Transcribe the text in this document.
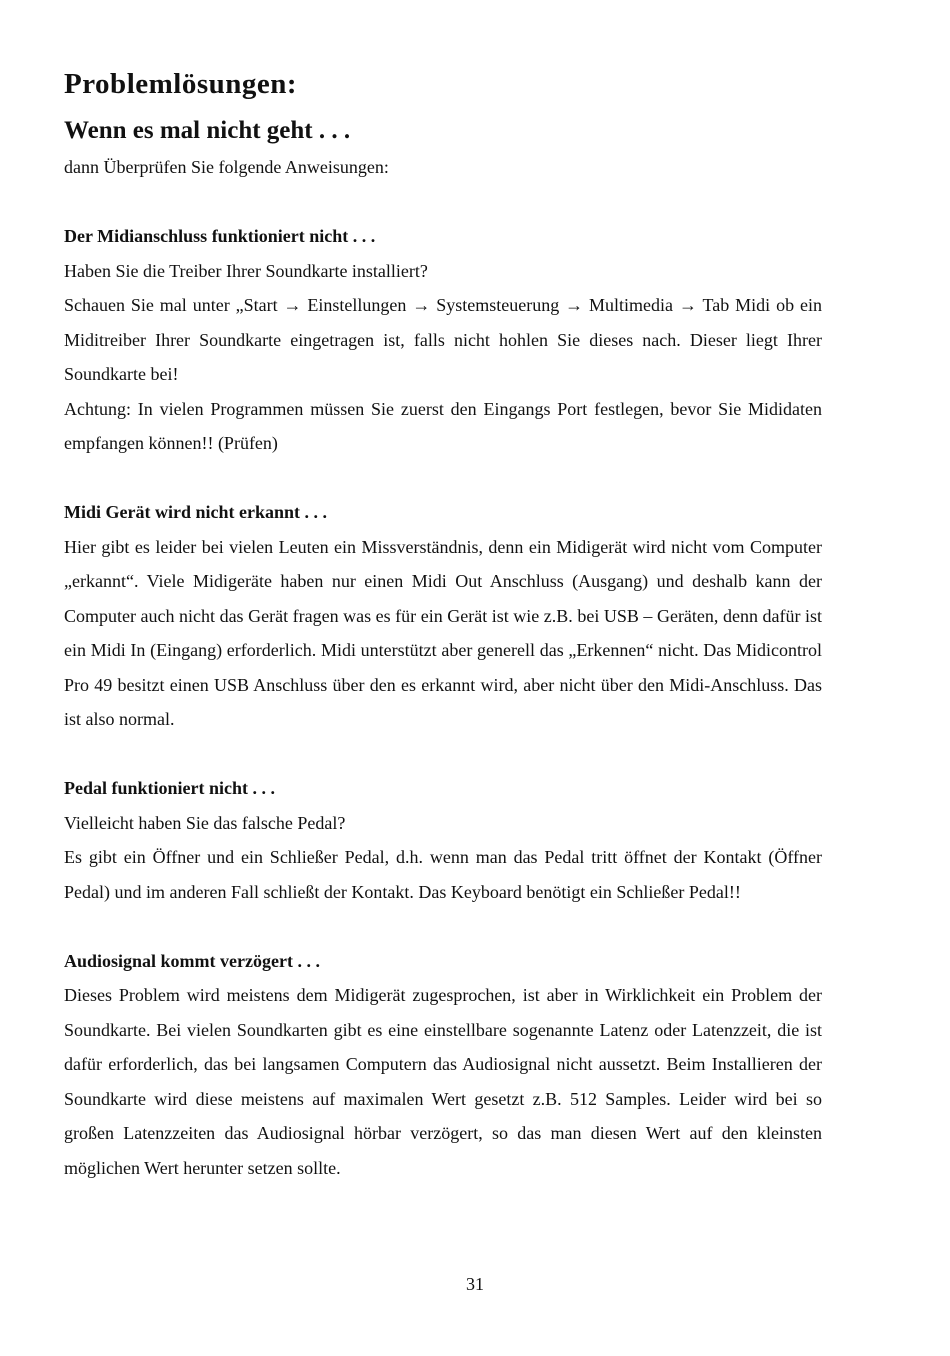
Problemlösungen:
Wenn es mal nicht geht . . .

dann Überprüfen Sie folgende Anweisungen:

Der Midianschluss funktioniert nicht . . .

Haben Sie die Treiber Ihrer Soundkarte installiert?

Schauen Sie mal unter „Start → Einstellungen → Systemsteuerung → Multimedia → Tab Midi ob ein Miditreiber Ihrer Soundkarte eingetragen ist, falls nicht hohlen Sie dieses nach. Dieser liegt Ihrer Soundkarte bei!

Achtung: In vielen Programmen müssen Sie zuerst den Eingangs Port festlegen, bevor Sie Mididaten empfangen können!! (Prüfen)

Midi Gerät wird nicht erkannt . . .

Hier gibt es leider bei vielen Leuten ein Missverständnis, denn ein Midigerät wird nicht vom Computer „erkannt“. Viele Midigeräte haben nur einen Midi Out Anschluss (Ausgang) und deshalb kann der Computer auch nicht das Gerät fragen was es für ein Gerät ist wie z.B. bei USB – Geräten, denn dafür ist ein Midi In (Eingang) erforderlich. Midi unterstützt aber generell das „Erkennen“ nicht. Das Midicontrol Pro 49 besitzt einen USB Anschluss über den es erkannt wird, aber nicht über den Midi-Anschluss. Das ist also normal.

Pedal funktioniert nicht . . .

Vielleicht haben Sie das falsche Pedal?

Es gibt ein Öffner und ein Schließer Pedal, d.h. wenn man das Pedal tritt öffnet der Kontakt (Öffner Pedal) und im anderen Fall schließt der Kontakt. Das Keyboard benötigt ein Schließer Pedal!!

Audiosignal kommt verzögert . . .

Dieses Problem wird meistens dem Midigerät zugesprochen, ist aber in Wirklichkeit ein Problem der Soundkarte. Bei vielen Soundkarten gibt es eine einstellbare sogenannte Latenz oder Latenzzeit, die ist dafür erforderlich, das bei langsamen Computern das Audiosignal nicht aussetzt. Beim Installieren der Soundkarte wird diese meistens auf maximalen Wert gesetzt z.B. 512 Samples. Leider wird bei so großen Latenzzeiten das Audiosignal hörbar verzögert, so das man diesen Wert auf den kleinsten möglichen Wert herunter setzen sollte.

31
